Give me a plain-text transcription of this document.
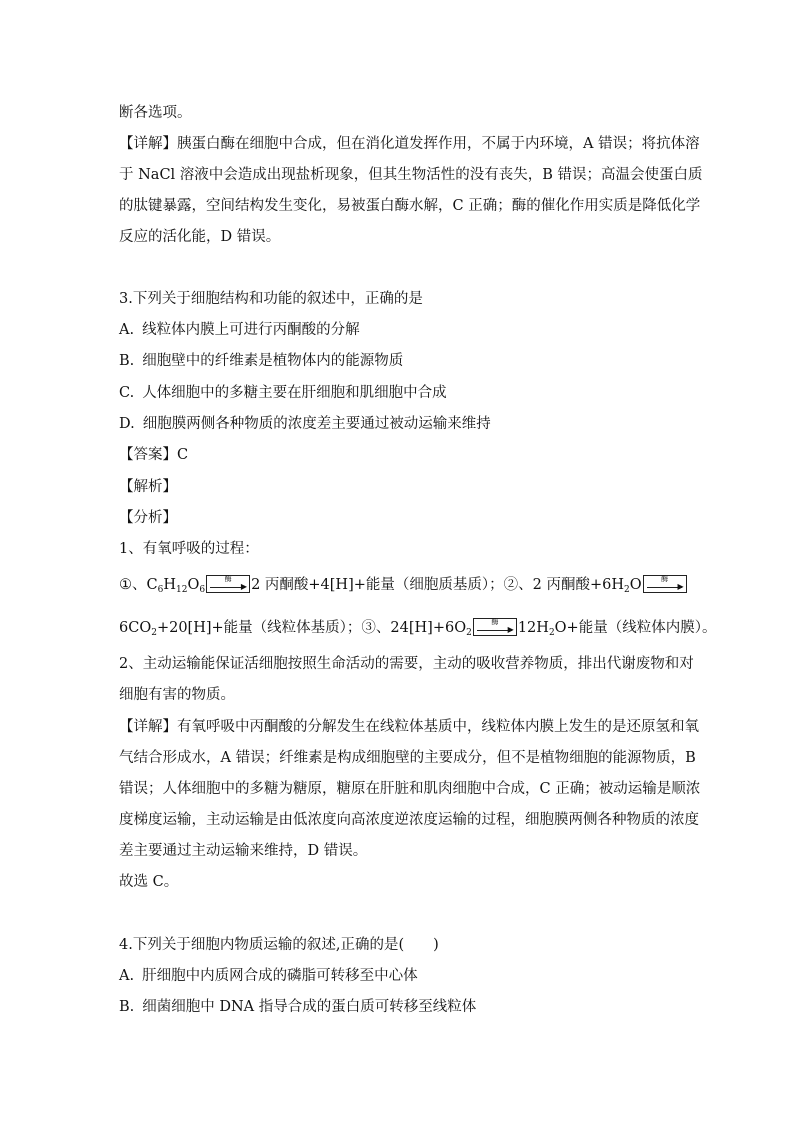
断各选项。
【详解】胰蛋白酶在细胞中合成，但在消化道发挥作用，不属于内环境，A 错误；将抗体溶
于 NaCl 溶液中会造成出现盐析现象，但其生物活性的没有丧失，B 错误；高温会使蛋白质
的肽键暴露，空间结构发生变化，易被蛋白酶水解，C 正确；酶的催化作用实质是降低化学
反应的活化能，D 错误。
3.下列关于细胞结构和功能的叙述中，正确的是
A. 线粒体内膜上可进行丙酮酸的分解
B. 细胞壁中的纤维素是植物体内的能源物质
C. 人体细胞中的多糖主要在肝细胞和肌细胞中合成
D. 细胞膜两侧各种物质的浓度差主要通过被动运输来维持
【答案】C
【解析】
【分析】
1、有氧呼吸的过程：
①、$C_6H_{12}O_6$
酶
▶ 2 丙酮酸+4[H]+能量（细胞质基质）；②、2 丙酮酸$+6H_2O$	酶
▶
$6CO_2+20[H]+$能量（线粒体基质）；③、$24[H]+6O_2$
酶
▶ $12H_2O+$能量（线粒体内膜）。
2、主动运输能保证活细胞按照生命活动的需要，主动的吸收营养物质，排出代谢废物和对
细胞有害的物质。
【详解】有氧呼吸中丙酮酸的分解发生在线粒体基质中，线粒体内膜上发生的是还原氢和氧
气结合形成水，A 错误；纤维素是构成细胞壁的主要成分，但不是植物细胞的能源物质，B
错误；人体细胞中的多糖为糖原，糖原在肝脏和肌肉细胞中合成，C 正确；被动运输是顺浓
度梯度运输，主动运输是由低浓度向高浓度逆浓度运输的过程，细胞膜两侧各种物质的浓度
差主要通过主动运输来维持，D 错误。
故选 C。
4.下列关于细胞内物质运输的叙述,正确的是(　　)
A. 肝细胞中内质网合成的磷脂可转移至中心体
B. 细菌细胞中 DNA 指导合成的蛋白质可转移至线粒体
